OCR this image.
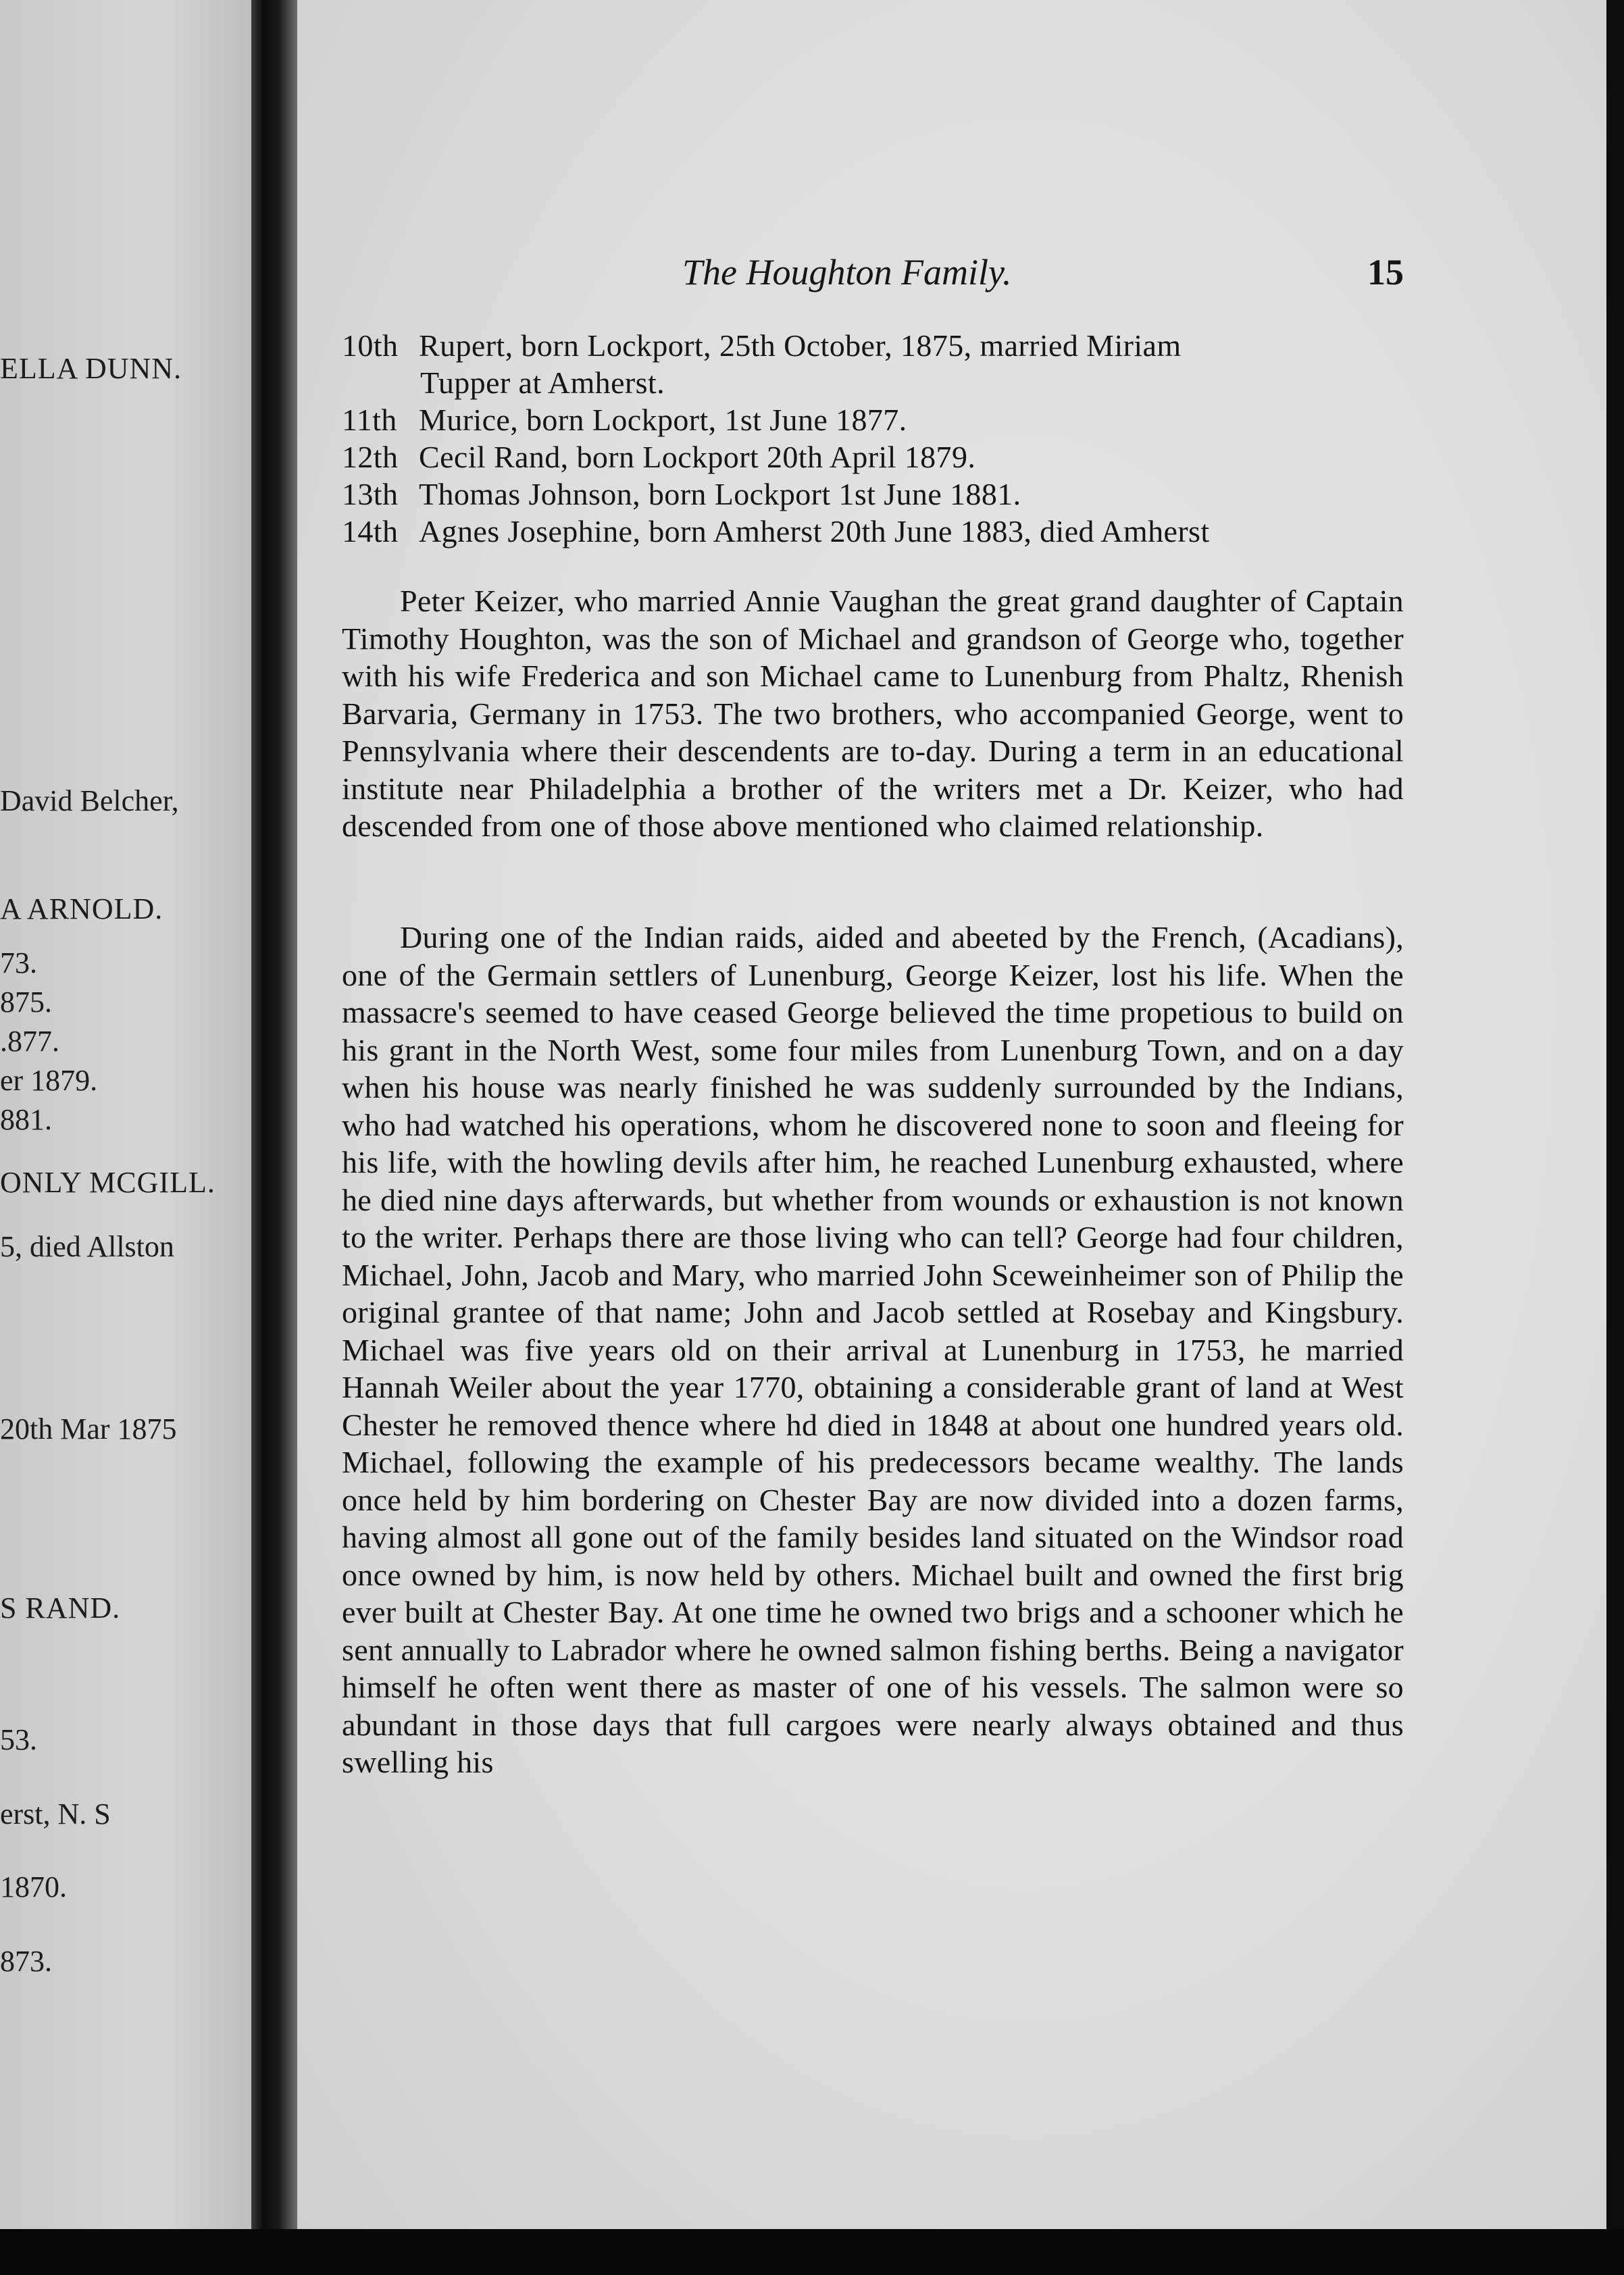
ELLA DUNN.
David Belcher,
A ARNOLD.
73.
875.
.877.
er 1879.
881.
ONLY MCGILL.
5, died Allston
20th Mar 1875
S RAND.
53.
erst, N. S
1870.
873.
The Houghton Family.	15
10th Rupert, born Lockport, 25th October, 1875, married Miriam
Tupper at Amherst.
11th Murice, born Lockport, 1st June 1877.
12th Cecil Rand, born Lockport 20th April 1879.
13th Thomas Johnson, born Lockport 1st June 1881.
14th Agnes Josephine, born Amherst 20th June 1883, died Amherst

Peter Keizer, who married Annie Vaughan the great grand daughter of Captain Timothy Houghton, was the son of Michael and grandson of George who, together with his wife Frederica and son Michael came to Lunenburg from Phaltz, Rhenish Barvaria, Germany in 1753. The two brothers, who accompanied George, went to Pennsylvania where their descendents are to-day. During a term in an educational institute near Philadelphia a brother of the writers met a Dr. Keizer, who had descended from one of those above mentioned who claimed relationship.

During one of the Indian raids, aided and abeeted by the French, (Acadians), one of the Germain settlers of Lunenburg, George Keizer, lost his life. When the massacre's seemed to have ceased George believed the time propetious to build on his grant in the North West, some four miles from Lunenburg Town, and on a day when his house was nearly finished he was suddenly surrounded by the Indians, who had watched his operations, whom he discovered none to soon and fleeing for his life, with the howling devils after him, he reached Lunenburg exhausted, where he died nine days afterwards, but whether from wounds or exhaustion is not known to the writer. Perhaps there are those living who can tell? George had four children, Michael, John, Jacob and Mary, who married John Sceweinheimer son of Philip the original grantee of that name; John and Jacob settled at Rosebay and Kingsbury. Michael was five years old on their arrival at Lunenburg in 1753, he married Hannah Weiler about the year 1770, obtaining a considerable grant of land at West Chester he removed thence where hd died in 1848 at about one hundred years old. Michael, following the example of his predecessors became wealthy. The lands once held by him bordering on Chester Bay are now divided into a dozen farms, having almost all gone out of the family besides land situated on the Windsor road once owned by him, is now held by others. Michael built and owned the first brig ever built at Chester Bay. At one time he owned two brigs and a schooner which he sent annually to Labrador where he owned salmon fishing berths. Being a navigator himself he often went there as master of one of his vessels. The salmon were so abundant in those days that full cargoes were nearly always obtained and thus swelling his
